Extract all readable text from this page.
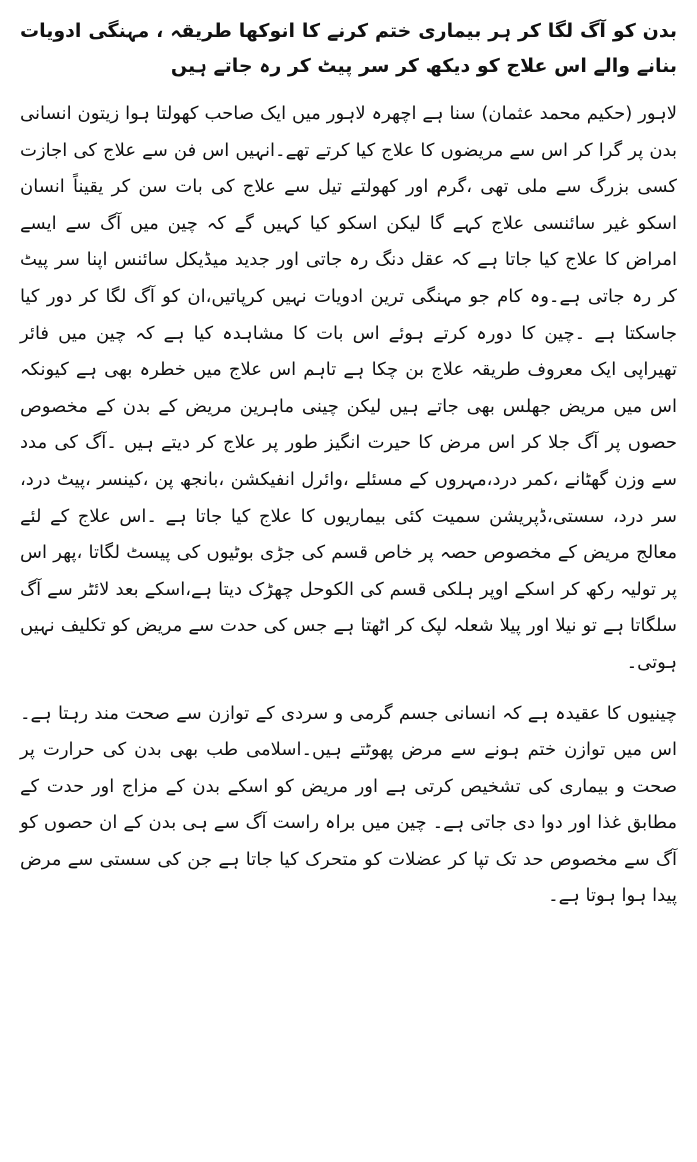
بدن کو آگ لگا کر ہر بیماری ختم کرنے کا انوکھا طریقہ ، مہنگی ادویات بنانے والے اس علاج کو دیکھ کر سر پیٹ کر رہ جاتے ہیں

لاہور (حکیم محمد عثمان) سنا ہے اچھرہ لاہور میں ایک صاحب کھولتا ہوا زیتون انسانی بدن پر گرا کر اس سے مریضوں کا علاج کیا کرتے تھے۔انہیں اس فن سے علاج کی اجازت کسی بزرگ سے ملی تھی ،گرم اور کھولتے تیل سے علاج کی بات سن کر یقیناً انسان اسکو غیر سائنسی علاج کہے گا لیکن اسکو کیا کہیں گے کہ چین میں آگ سے ایسے امراض کا علاج کیا جاتا ہے کہ عقل دنگ رہ جاتی اور جدید میڈیکل سائنس اپنا سر پیٹ کر رہ جاتی ہے۔وہ کام جو مہنگی ترین ادویات نہیں کرپاتیں،ان کو آگ لگا کر دور کیا جاسکتا ہے ۔چین کا دورہ کرتے ہوئے اس بات کا مشاہدہ کیا ہے کہ چین میں فائر تھیراپی ایک معروف طریقہ علاج بن چکا ہے تاہم اس علاج میں خطرہ بھی ہے کیونکہ اس میں مریض جھلس بھی جاتے ہیں لیکن چینی ماہرین مریض کے بدن کے مخصوص حصوں پر آگ جلا کر اس مرض کا حیرت انگیز طور پر علاج کر دیتے ہیں ۔آگ کی مدد سے وزن گھٹانے ،کمر درد،مہروں کے مسئلے ،وائرل انفیکشن ،بانجھ پن ،کینسر ،پیٹ درد، سر درد، سستی،ڈپریشن سمیت کئی بیماریوں کا علاج کیا جاتا ہے ۔اس علاج کے لئے معالج مریض کے مخصوص حصہ پر خاص قسم کی جڑی بوٹیوں کی پیسٹ لگاتا ،پھر اس پر تولیہ رکھ کر اسکے اوپر ہلکی قسم کی الکوحل چھڑک دیتا ہے،اسکے بعد لائٹر سے آگ سلگاتا ہے تو نیلا اور پیلا شعلہ لپک کر اٹھتا ہے جس کی حدت سے مریض کو تکلیف نہیں ہوتی۔

چینیوں کا عقیدہ ہے کہ انسانی جسم گرمی و سردی کے توازن سے صحت مند رہتا ہے۔اس میں توازن ختم ہونے سے مرض پھوٹتے ہیں۔اسلامی طب بھی بدن کی حرارت پر صحت و بیماری کی تشخیص کرتی ہے اور مریض کو اسکے بدن کے مزاج اور حدت کے مطابق غذا اور دوا دی جاتی ہے۔ چین میں براہ راست آگ سے ہی بدن کے ان حصوں کو آگ سے مخصوص حد تک تپا کر عضلات کو متحرک کیا جاتا ہے جن کی سستی سے مرض پیدا ہوا ہوتا ہے۔
